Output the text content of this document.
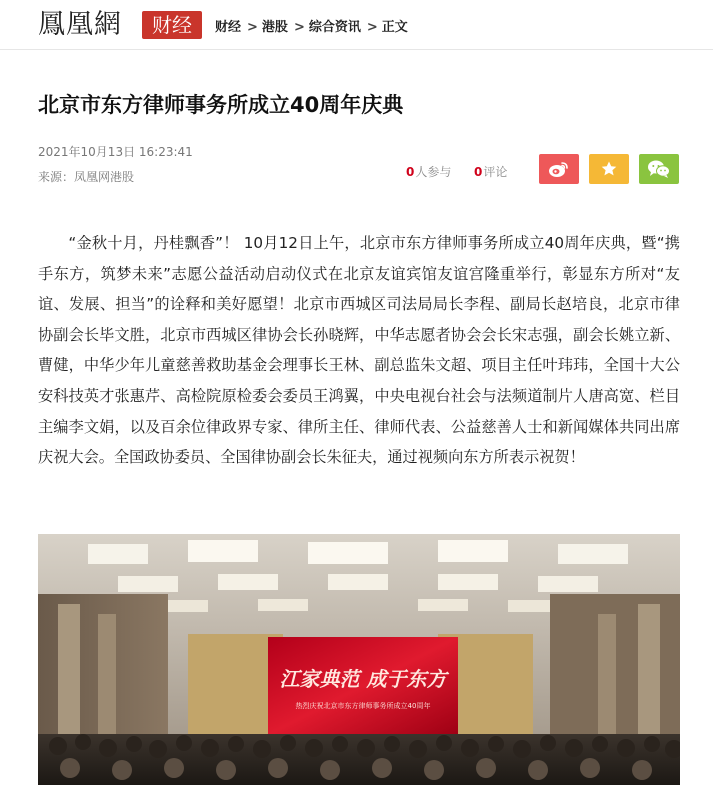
鳳凰網	财经	财经 > 港股 > 综合资讯 > 正文
北京市东方律师事务所成立40周年庆典
2021年10月13日 16:23:41
来源：凤凰网港股	0人参与 0评论

“金秋十月，丹桂飘香”！ 10月12日上午，北京市东方律师事务所成立40周年庆典，暨“携手东方，筑梦未来”志愿公益活动启动仪式在北京友谊宾馆友谊宫隆重举行，彰显东方所对“友谊、发展、担当”的诠释和美好愿望！北京市西城区司法局局长李程、副局长赵培良，北京市律协副会长毕文胜，北京市西城区律协会长孙晓辉，中华志愿者协会会长宋志强，副会长姚立新、曹健，中华少年儿童慈善救助基金会理事长王林、副总监朱文超、项目主任叶玮玮，全国十大公安科技英才张惠芹、高检院原检委会委员王鸿翼，中央电视台社会与法频道制片人唐高宽、栏目主编李文娟，以及百余位律政界专家、律所主任、律师代表、公益慈善人士和新闻媒体共同出席庆祝大会。全国政协委员、全国律协副会长朱征夫，通过视频向东方所表示祝贺！

江家典范 成于东方
热烈庆祝北京市东方律师事务所成立40周年
